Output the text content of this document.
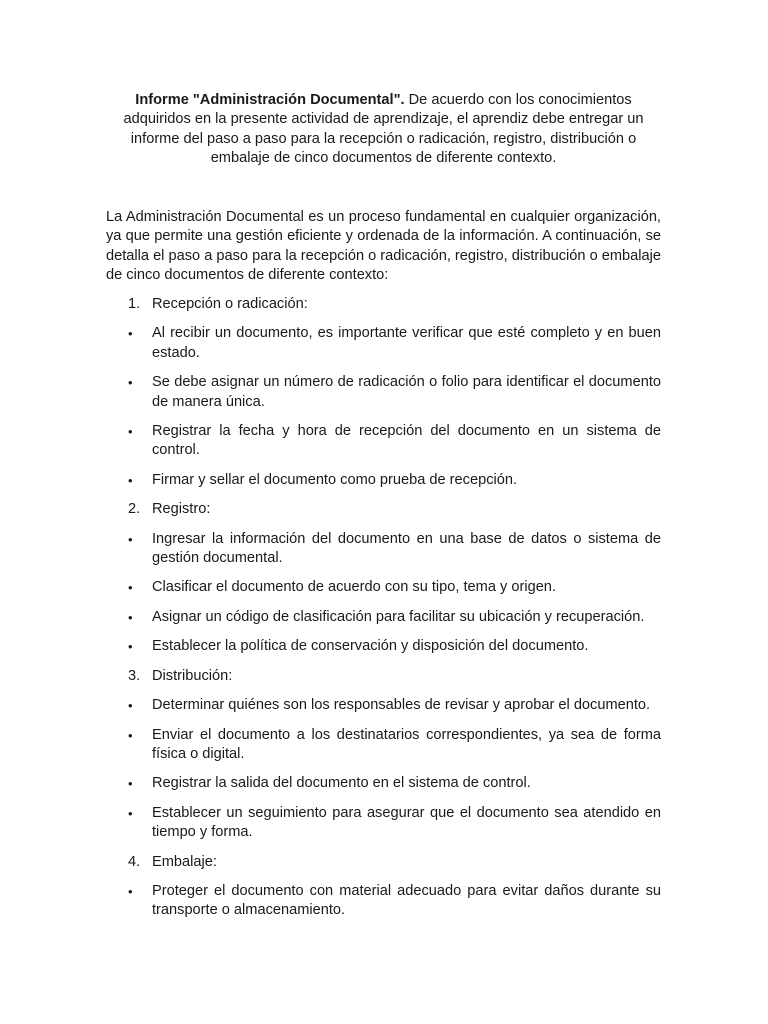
Informe "Administración Documental". De acuerdo con los conocimientos adquiridos en la presente actividad de aprendizaje, el aprendiz debe entregar un informe del paso a paso para la recepción o radicación, registro, distribución o embalaje de cinco documentos de diferente contexto.

La Administración Documental es un proceso fundamental en cualquier organización, ya que permite una gestión eficiente y ordenada de la información. A continuación, se detalla el paso a paso para la recepción o radicación, registro, distribución o embalaje de cinco documentos de diferente contexto:

1. Recepción o radicación:
•	Al recibir un documento, es importante verificar que esté completo y en buen estado.
•	Se debe asignar un número de radicación o folio para identificar el documento de manera única.
•	Registrar la fecha y hora de recepción del documento en un sistema de control.
•	Firmar y sellar el documento como prueba de recepción.
2. Registro:
•	Ingresar la información del documento en una base de datos o sistema de gestión documental.
•	Clasificar el documento de acuerdo con su tipo, tema y origen.
•	Asignar un código de clasificación para facilitar su ubicación y recuperación.
•	Establecer la política de conservación y disposición del documento.
3. Distribución:
•	Determinar quiénes son los responsables de revisar y aprobar el documento.
•	Enviar el documento a los destinatarios correspondientes, ya sea de forma física o digital.
•	Registrar la salida del documento en el sistema de control.
•	Establecer un seguimiento para asegurar que el documento sea atendido en tiempo y forma.
4. Embalaje:
•	Proteger el documento con material adecuado para evitar daños durante su transporte o almacenamiento.
